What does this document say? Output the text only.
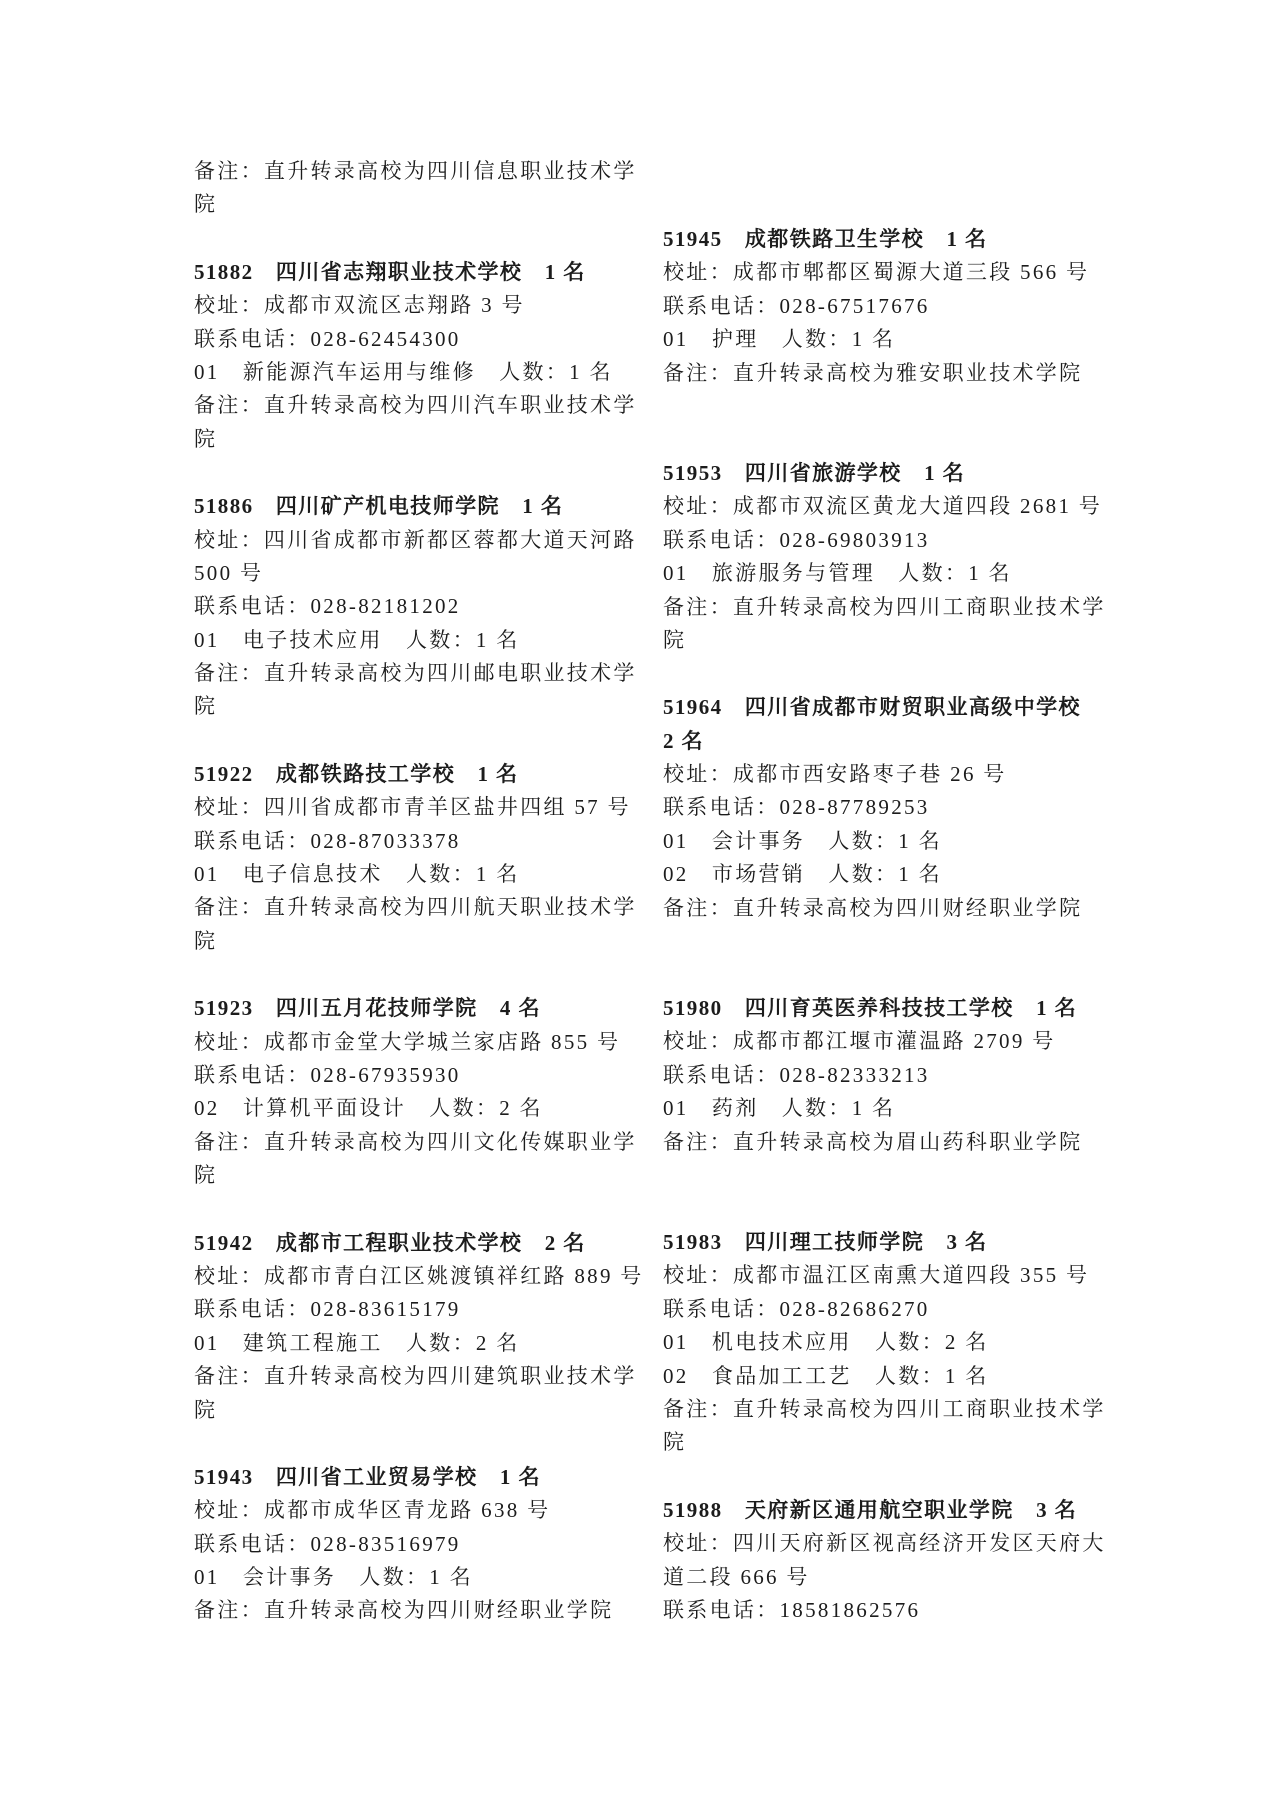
备注：直升转录高校为四川信息职业技术学
院
51882　四川省志翔职业技术学校　1 名
校址：成都市双流区志翔路 3 号
联系电话：028-62454300
01　新能源汽车运用与维修　人数：1 名
备注：直升转录高校为四川汽车职业技术学
院
51886　四川矿产机电技师学院　1 名
校址：四川省成都市新都区蓉都大道天河路
500 号
联系电话：028-82181202
01　电子技术应用　人数：1 名
备注：直升转录高校为四川邮电职业技术学
院
51922　成都铁路技工学校　1 名
校址：四川省成都市青羊区盐井四组 57 号
联系电话：028-87033378
01　电子信息技术　人数：1 名
备注：直升转录高校为四川航天职业技术学
院
51923　四川五月花技师学院　4 名
校址：成都市金堂大学城兰家店路 855 号
联系电话：028-67935930
02　计算机平面设计　人数：2 名
备注：直升转录高校为四川文化传媒职业学
院
51942　成都市工程职业技术学校　2 名
校址：成都市青白江区姚渡镇祥红路 889 号
联系电话：028-83615179
01　建筑工程施工　人数：2 名
备注：直升转录高校为四川建筑职业技术学
院
51943　四川省工业贸易学校　1 名
校址：成都市成华区青龙路 638 号
联系电话：028-83516979
01　会计事务　人数：1 名
备注：直升转录高校为四川财经职业学院
51945　成都铁路卫生学校　1 名
校址：成都市郫都区蜀源大道三段 566 号
联系电话：028-67517676
01　护理　人数：1 名
备注：直升转录高校为雅安职业技术学院
51953　四川省旅游学校　1 名
校址：成都市双流区黄龙大道四段 2681 号
联系电话：028-69803913
01　旅游服务与管理　人数：1 名
备注：直升转录高校为四川工商职业技术学
院
51964　四川省成都市财贸职业高级中学校
2 名
校址：成都市西安路枣子巷 26 号
联系电话：028-87789253
01　会计事务　人数：1 名
02　市场营销　人数：1 名
备注：直升转录高校为四川财经职业学院
51980　四川育英医养科技技工学校　1 名
校址：成都市都江堰市灌温路 2709 号
联系电话：028-82333213
01　药剂　人数：1 名
备注：直升转录高校为眉山药科职业学院
51983　四川理工技师学院　3 名
校址：成都市温江区南熏大道四段 355 号
联系电话：028-82686270
01　机电技术应用　人数：2 名
02　食品加工工艺　人数：1 名
备注：直升转录高校为四川工商职业技术学
院
51988　天府新区通用航空职业学院　3 名
校址：四川天府新区视高经济开发区天府大
道二段 666 号
联系电话：18581862576
